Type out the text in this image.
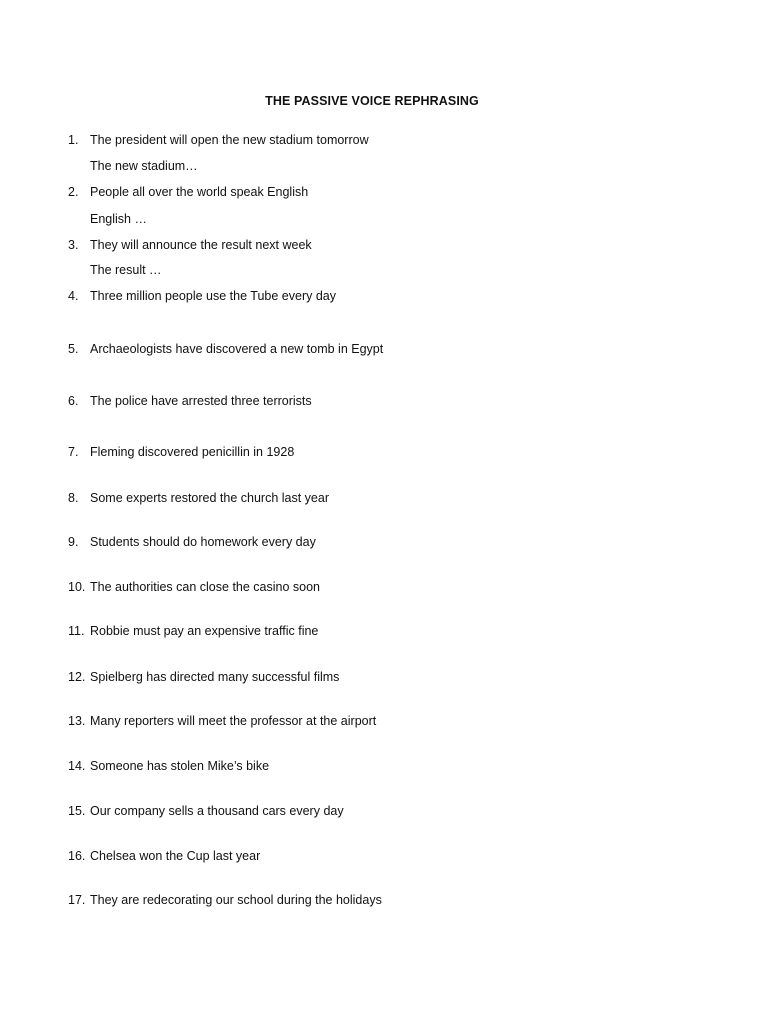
THE PASSIVE VOICE REPHRASING
1. The president will open the new stadium tomorrow
The new stadium…
2. People all over the world speak English
English …
3. They will announce the result next week
The result …
4. Three million people use the Tube every day
5. Archaeologists have discovered a new tomb in Egypt
6. The police have arrested three terrorists
7. Fleming discovered penicillin in 1928
8. Some experts restored the church last year
9. Students should do homework every day
10. The authorities can close the casino soon
11. Robbie must pay an expensive traffic fine
12. Spielberg has directed many successful films
13. Many reporters will meet the professor at the airport
14. Someone has stolen Mike’s bike
15. Our company sells a thousand cars every day
16. Chelsea won the Cup last year
17. They are redecorating our school during the holidays
